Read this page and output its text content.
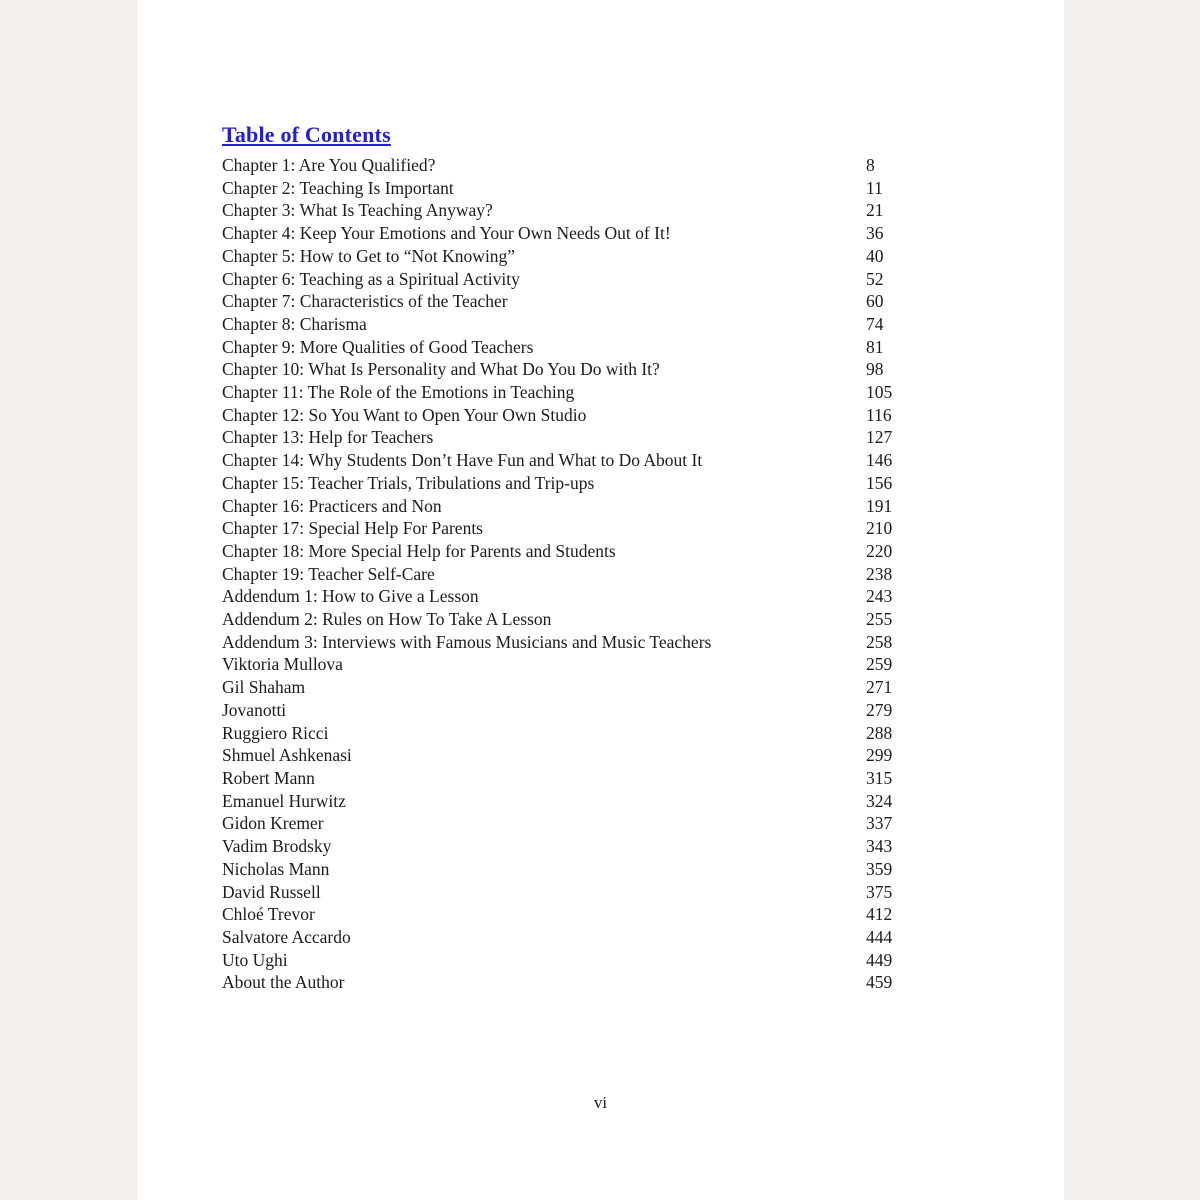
Table of Contents
Chapter 1: Are You Qualified?	8
Chapter 2: Teaching Is Important	11
Chapter 3: What Is Teaching Anyway?	21
Chapter 4: Keep Your Emotions and Your Own Needs Out of It!	36
Chapter 5: How to Get to “Not Knowing”	40
Chapter 6: Teaching as a Spiritual Activity	52
Chapter 7: Characteristics of the Teacher	60
Chapter 8: Charisma	74
Chapter 9: More Qualities of Good Teachers	81
Chapter 10: What Is Personality and What Do You Do with It?	98
Chapter 11: The Role of the Emotions in Teaching	105
Chapter 12: So You Want to Open Your Own Studio	116
Chapter 13: Help for Teachers	127
Chapter 14: Why Students Don’t Have Fun and What to Do About It	146
Chapter 15: Teacher Trials, Tribulations and Trip-ups	156
Chapter 16: Practicers and Non	191
Chapter 17: Special Help For Parents	210
Chapter 18: More Special Help for Parents and Students	220
Chapter 19: Teacher Self-Care	238
Addendum 1: How to Give a Lesson	243
Addendum 2: Rules on How To Take A Lesson	255
Addendum 3: Interviews with Famous Musicians and Music Teachers	258
Viktoria Mullova	259
Gil Shaham	271
Jovanotti	279
Ruggiero Ricci	288
Shmuel Ashkenasi	299
Robert Mann	315
Emanuel Hurwitz	324
Gidon Kremer	337
Vadim Brodsky	343
Nicholas Mann	359
David Russell	375
Chloé Trevor	412
Salvatore Accardo	444
Uto Ughi	449
About the Author	459
vi
